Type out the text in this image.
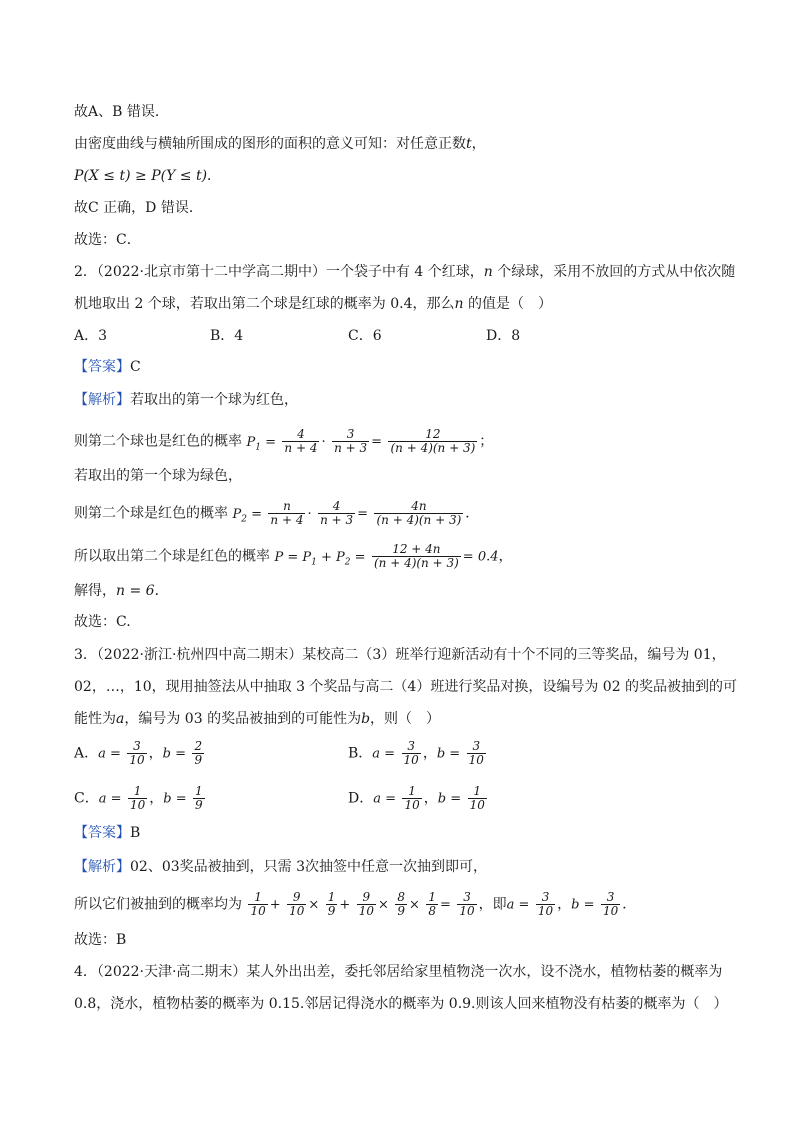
故A、B 错误．
由密度曲线与横轴所围成的图形的面积的意义可知：对任意正数t，
P(X ≤ t) ≥ P(Y ≤ t)．
故C 正确，D 错误．
故选：C．
2．（2022·北京市第十二中学高二期中）一个袋子中有 4 个红球，n 个绿球，采用不放回的方式从中依次随
机地取出 2 个球，若取出第二个球是红球的概率为 0.4，那么n 的值是（　）
A．3	B．4	C．6	D．8
【答案】C
【解析】若取出的第一个球为红色，
则第二个球也是红色的概率 $P_1 = \frac{4}{n + 4} \cdot \frac{3}{n + 3} = \frac{12}{(n + 4)(n + 3)}$ ；
若取出的第一个球为绿色，
则第二个球是红色的概率 $P_2 = \frac{n}{n + 4} \cdot \frac{4}{n + 3} = \frac{4n}{(n + 4)(n + 3)}$ ．
所以取出第二个球是红色的概率 $P = P_1 + P_2 = \frac{12 + 4n}{(n + 4)(n + 3)} = 0.4$，
解得，n = 6．
故选：C.
3．（2022·浙江·杭州四中高二期末）某校高二（3）班举行迎新活动有十个不同的三等奖品，编号为 01，
02，…，10，现用抽签法从中抽取 3 个奖品与高二（4）班进行奖品对换，设编号为 02 的奖品被抽到的可
能性为a，编号为 03 的奖品被抽到的可能性为b，则（　）
A．$a = \frac{3}{10}$ ，$b = \frac{2}{9}$	B．$a = \frac{3}{10}$ ，$b = \frac{3}{10}$
C．$a = \frac{1}{10}$ ，$b = \frac{1}{9}$	D．$a = \frac{1}{10}$ ，$b = \frac{1}{10}$
【答案】B
【解析】02、03奖品被抽到，只需 3次抽签中任意一次抽到即可，
所以它们被抽到的概率均为 $\frac{1}{10} + \frac{9}{10} \times \frac{1}{9} + \frac{9}{10} \times \frac{8}{9} \times \frac{1}{8} = \frac{3}{10}$ ，即$a = \frac{3}{10}$ ，$b = \frac{3}{10}$ ．
故选：B
4．（2022·天津·高二期末）某人外出出差，委托邻居给家里植物浇一次水，设不浇水，植物枯萎的概率为
0.8，浇水，植物枯萎的概率为 0.15.邻居记得浇水的概率为 0.9.则该人回来植物没有枯萎的概率为（　）
